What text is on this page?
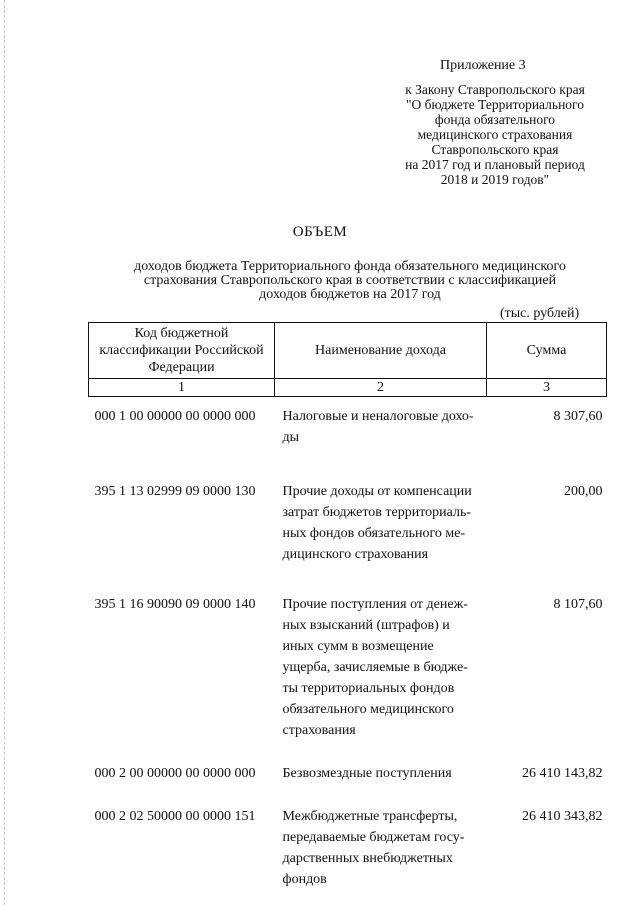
Приложение 3
к Закону Ставропольского края
"О бюджете Территориального
фонда обязательного
медицинского страхования
Ставропольского края
на 2017 год и плановый период
2018 и 2019 годов"
ОБЪЕМ
доходов бюджета Территориального фонда обязательного медицинского
страхования Ставропольского края в соответствии с классификацией
доходов бюджетов на 2017 год
(тыс. рублей)
Код бюджетной классификации Российской Федерации	Наименование дохода	Сумма
1	2	3
000 1 00 00000 00 0000 000	Налоговые и неналоговые дохо-ды	8 307,60
395 1 13 02999 09 0000 130	Прочие доходы от компенсации затрат бюджетов территориаль-ных фондов обязательного ме-дицинского страхования	200,00
395 1 16 90090 09 0000 140	Прочие поступления от денеж-ных взысканий (штрафов) и иных сумм в возмещение ущерба, зачисляемые в бюдже-ты территориальных фондов обязательного медицинского страхования	8 107,60
000 2 00 00000 00 0000 000	Безвозмездные поступления	26 410 143,82
000 2 02 50000 00 0000 151	Межбюджетные трансферты, передаваемые бюджетам госу-дарственных внебюджетных фондов	26 410 343,82
